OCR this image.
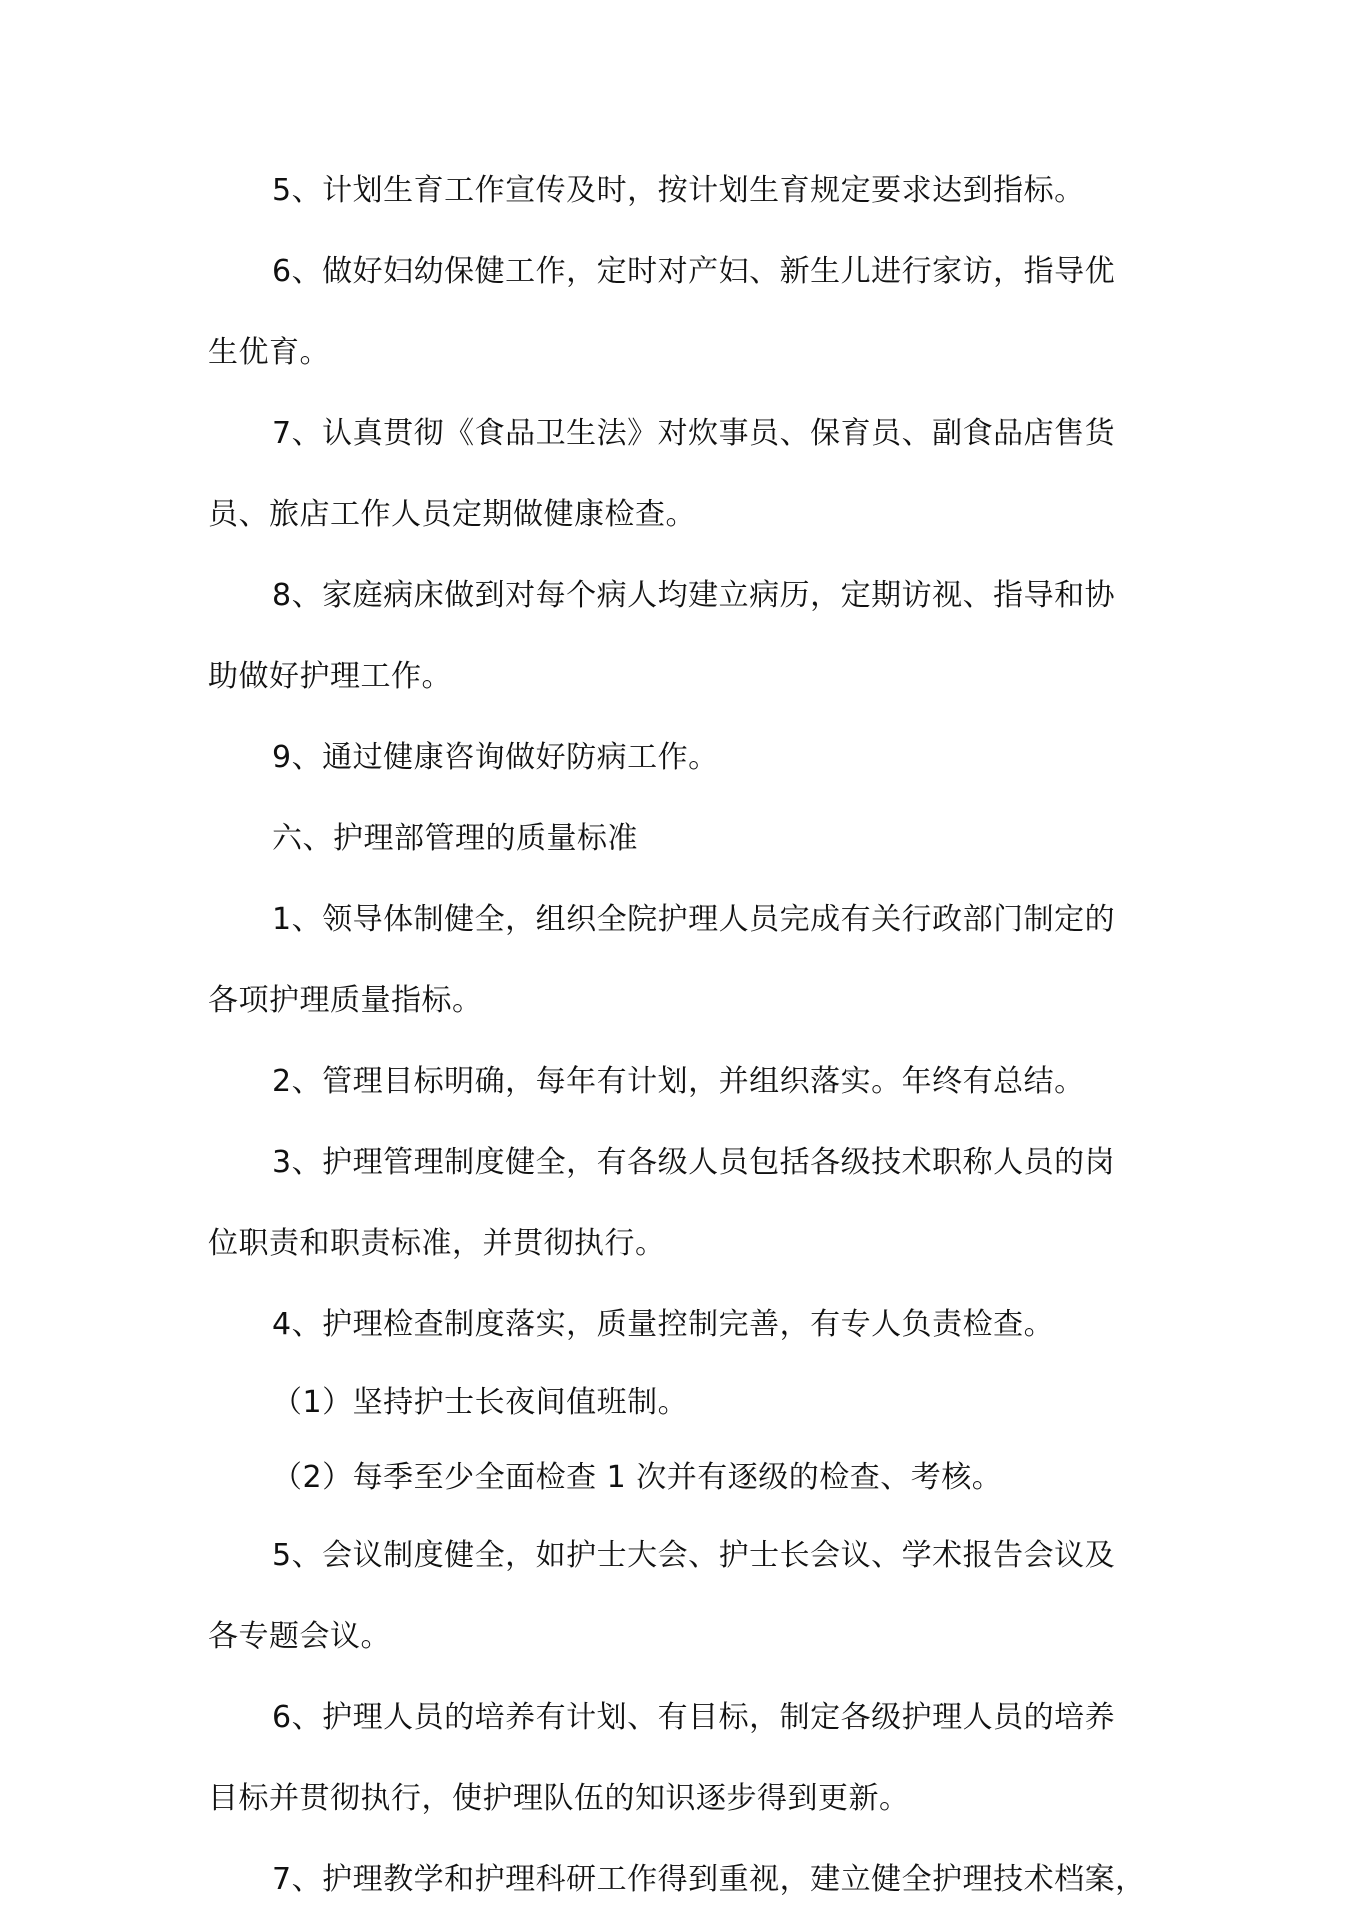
5、计划生育工作宣传及时，按计划生育规定要求达到指标。

6、做好妇幼保健工作，定时对产妇、新生儿进行家访，指导优
生优育。

7、认真贯彻《食品卫生法》对炊事员、保育员、副食品店售货
员、旅店工作人员定期做健康检查。

8、家庭病床做到对每个病人均建立病历，定期访视、指导和协
助做好护理工作。

9、通过健康咨询做好防病工作。

六、护理部管理的质量标准

1、领导体制健全，组织全院护理人员完成有关行政部门制定的
各项护理质量指标。

2、管理目标明确，每年有计划，并组织落实。年终有总结。

3、护理管理制度健全，有各级人员包括各级技术职称人员的岗
位职责和职责标准，并贯彻执行。

4、护理检查制度落实，质量控制完善，有专人负责检查。

（1）坚持护士长夜间值班制。

（2）每季至少全面检查 1 次并有逐级的检查、考核。

5、会议制度健全，如护士大会、护士长会议、学术报告会议及
各专题会议。

6、护理人员的培养有计划、有目标，制定各级护理人员的培养
目标并贯彻执行，使护理队伍的知识逐步得到更新。

7、护理教学和护理科研工作得到重视，建立健全护理技术档案，
